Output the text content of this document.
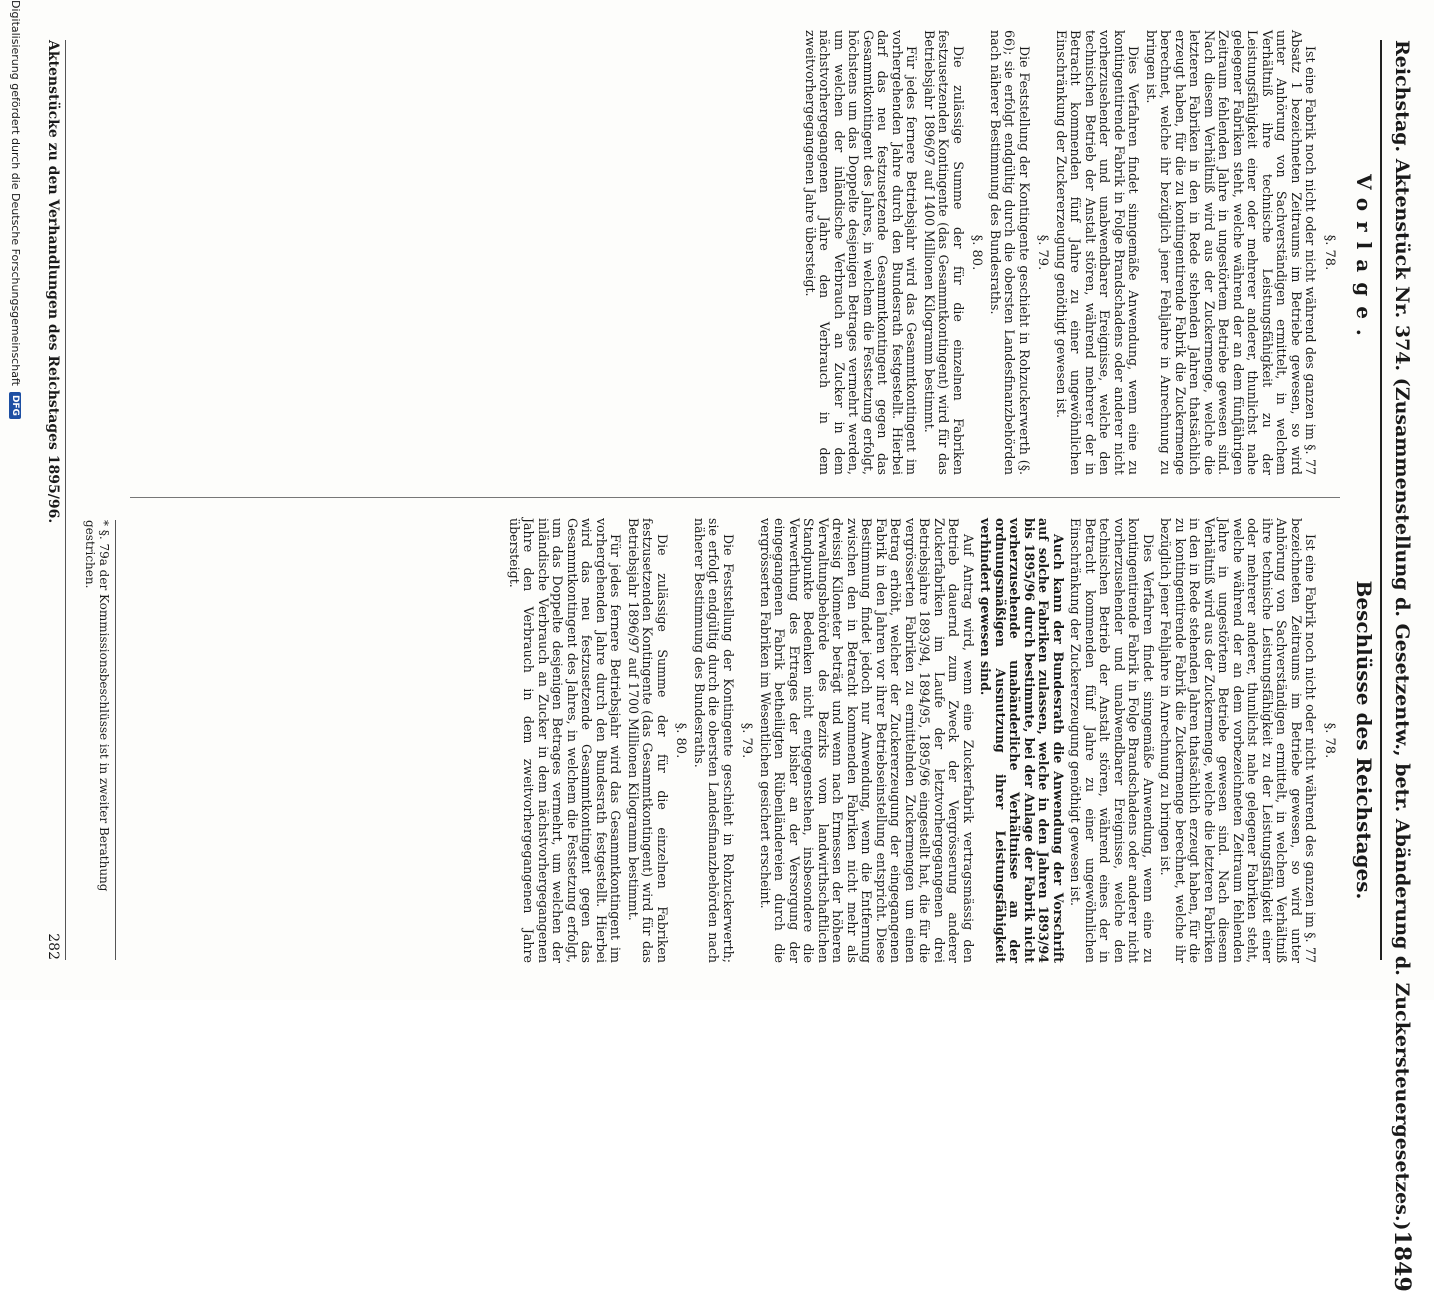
Reichstag. Aktenstück Nr. 374. (Zusammenstellung d. Gesetzentw., betr. Abänderung d. Zuckersteuergesetzes.)
1849
Vorlage.
Beschlüsse des Reichstages.
§. 78.

Ist eine Fabrik noch nicht oder nicht während des ganzen im §. 77 Absatz 1 bezeichneten Zeitraums im Betriebe gewesen, so wird unter Anhörung von Sachverständigen ermittelt, in welchem Verhältniß ihre technische Leistungsfähigkeit zu der Leistungsfähigkeit einer oder mehrerer anderer, thunlichst nahe gelegener Fabriken steht, welche während der an dem fünfjährigen Zeitraum fehlenden Jahre in ungestörtem Betriebe gewesen sind. Nach diesem Verhältniß wird aus der Zuckermenge, welche die letzteren Fabriken in den in Rede stehenden Jahren thatsächlich erzeugt haben, für die zu kontingentirende Fabrik die Zuckermenge berechnet, welche ihr bezüglich jener Fehljahre in Anrechnung zu bringen ist.

Dies Verfahren findet sinngemäße Anwendung, wenn eine zu kontingentirende Fabrik in Folge Brandschadens oder anderer nicht vorherzusehender und unabwendbarer Ereignisse, welche den technischen Betrieb der Anstalt stören, während mehrerer der in Betracht kommenden fünf Jahre zu einer ungewöhnlichen Einschränkung der Zuckererzeugung genöthigt gewesen ist.

§. 79.

Die Feststellung der Kontingente geschieht in Rohzuckerwerth (§. 66); sie erfolgt endgültig durch die obersten Landesfinanzbehörden nach näherer Bestimmung des Bundesraths.

§. 80.

Die zulässige Summe der für die einzelnen Fabriken festzusetzenden Kontingente (das Gesammtkontingent) wird für das Betriebsjahr 1896/97 auf 1400 Millionen Kilogramm bestimmt.

Für jedes fernere Betriebsjahr wird das Gesammtkontingent im vorhergehenden Jahre durch den Bundesrath festgestellt. Hierbei darf das neu festzusetzende Gesammtkontingent gegen das Gesammtkontingent des Jahres, in welchem die Festsetzung erfolgt, höchstens um das Doppelte desjenigen Betrages vermehrt werden, um welchen der inländische Verbrauch an Zucker in dem nächstvorhergegangenen Jahre den Verbrauch in dem zweitvorhergegangenen Jahre übersteigt.

§. 78.

Ist eine Fabrik noch nicht oder nicht während des ganzen im §. 77 bezeichneten Zeitraums im Betriebe gewesen, so wird unter Anhörung von Sachverständigen ermittelt, in welchem Verhältniß ihre technische Leistungsfähigkeit zu der Leistungsfähigkeit einer oder mehrerer anderer, thunlichst nahe gelegener Fabriken steht, welche während der an dem vorbezeichneten Zeitraum fehlenden Jahre in ungestörtem Betriebe gewesen sind. Nach diesem Verhältniß wird aus der Zuckermenge, welche die letzteren Fabriken in den in Rede stehenden Jahren thatsächlich erzeugt haben, für die zu kontingentirende Fabrik die Zuckermenge berechnet, welche ihr bezüglich jener Fehljahre in Anrechnung zu bringen ist.

Dies Verfahren findet sinngemäße Anwendung, wenn eine zu kontingentirende Fabrik in Folge Brandschadens oder anderer nicht vorherzusehender und unabwendbarer Ereignisse, welche den technischen Betrieb der Anstalt stören, während eines der in Betracht kommenden fünf Jahre zu einer ungewöhnlichen Einschränkung der Zuckererzeugung genöthigt gewesen ist.

Auch kann der Bundesrath die Anwendung der Vorschrift auf solche Fabriken zulassen, welche in den Jahren 1893/94 bis 1895/96 durch bestimmte, bei der Anlage der Fabrik nicht vorherzusehende unabänderliche Verhältnisse an der ordnungsmäßigen Ausnutzung ihrer Leistungsfähigkeit verhindert gewesen sind.

Auf Antrag wird, wenn eine Zuckerfabrik vertragsmässig den Betrieb dauernd zum Zweck der Vergrösserung anderer Zuckerfabriken im Laufe der letztvorhergegangenen drei Betriebsjahre 1893/94, 1894/95, 1895/96 eingestellt hat, die für die vergrösserten Fabriken zu ermittelnden Zuckermengen um einen Betrag erhöht, welcher der Zuckererzeugung der eingegangenen Fabrik in den Jahren vor ihrer Betriebseinstellung entspricht. Diese Bestimmung findet jedoch nur Anwendung, wenn die Entfernung zwischen den in Betracht kommenden Fabriken nicht mehr als dreissig Kilometer beträgt und wenn nach Ermessen der höheren Verwaltungsbehörde des Bezirks vom landwirthschaftlichen Standpunkte Bedenken nicht entgegenstehen, insbesondere die Verwerthung des Ertrages der bisher an der Versorgung der eingegangenen Fabrik betheiligten Rübenländereien durch die vergrösserten Fabriken im Wesentlichen gesichert erscheint.

§. 79.

Die Feststellung der Kontingente geschieht in Rohzuckerwerth; sie erfolgt endgültig durch die obersten Landesfinanzbehörden nach näherer Bestimmung des Bundesraths.

§. 80.

Die zulässige Summe der für die einzelnen Fabriken festzusetzenden Kontingente (das Gesammtkontingent) wird für das Betriebsjahr 1896/97 auf 1700 Millionen Kilogramm bestimmt.

Für jedes fernere Betriebsjahr wird das Gesammtkontingent im vorhergehenden Jahre durch den Bundesrath festgestellt. Hierbei wird das neu festzusetzende Gesammtkontingent gegen das Gesammtkontingent des Jahres, in welchem die Festsetzung erfolgt, um das Doppelte desjenigen Betrages vermehrt, um welchen der inländische Verbrauch an Zucker in dem nächstvorhergegangenen Jahre den Verbrauch in dem zweitvorhergegangenen Jahre übersteigt.

* §. 79a der Kommissionsbeschlüsse ist in zweiter Berathung gestrichen.
Aktenstücke zu den Verhandlungen des Reichstages 1895/96.
282
Digitalisierung gefördert durch die Deutsche Forschungsgemeinschaft
DFG
